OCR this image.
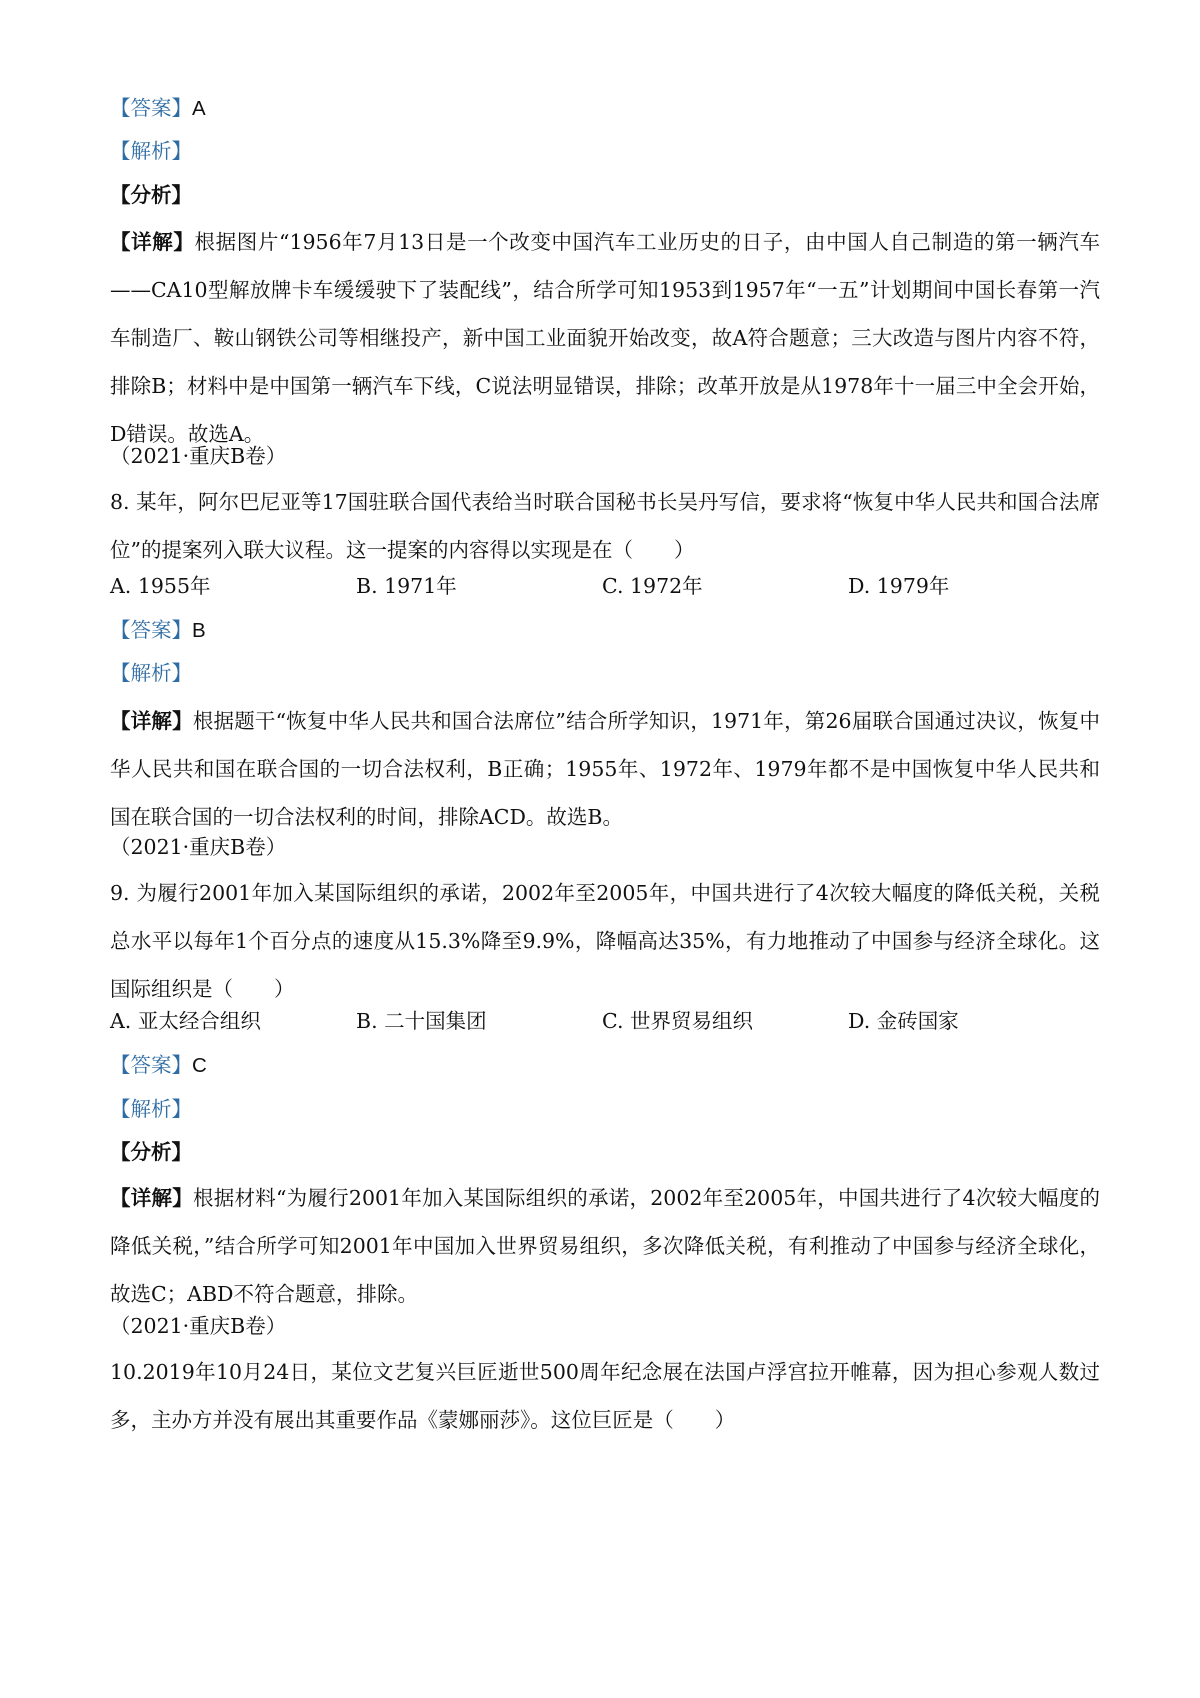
【答案】A
【解析】
【分析】
【详解】根据图片“1956年7月13日是一个改变中国汽车工业历史的日子，由中国人自己制造的第一辆汽车——CA10型解放牌卡车缓缓驶下了装配线”，结合所学可知1953到1957年“一五”计划期间中国长春第一汽车制造厂、鞍山钢铁公司等相继投产，新中国工业面貌开始改变，故A符合题意；三大改造与图片内容不符，排除B；材料中是中国第一辆汽车下线，C说法明显错误，排除；改革开放是从1978年十一届三中全会开始，D错误。故选A。
（2021·重庆B卷）
8. 某年，阿尔巴尼亚等17国驻联合国代表给当时联合国秘书长吴丹写信，要求将“恢复中华人民共和国合法席位”的提案列入联大议程。这一提案的内容得以实现是在（　　）
A. 1955年	B. 1971年	C. 1972年	D. 1979年
【答案】B
【解析】
【详解】根据题干“恢复中华人民共和国合法席位”结合所学知识，1971年，第26届联合国通过决议，恢复中华人民共和国在联合国的一切合法权利，B正确；1955年、1972年、1979年都不是中国恢复中华人民共和国在联合国的一切合法权利的时间，排除ACD。故选B。
（2021·重庆B卷）
9. 为履行2001年加入某国际组织的承诺，2002年至2005年，中国共进行了4次较大幅度的降低关税，关税总水平以每年1个百分点的速度从15.3%降至9.9%，降幅高达35%，有力地推动了中国参与经济全球化。这国际组织是（　　）
A. 亚太经合组织	B. 二十国集团	C. 世界贸易组织	D. 金砖国家
【答案】C
【解析】
【分析】
【详解】根据材料“为履行2001年加入某国际组织的承诺，2002年至2005年，中国共进行了4次较大幅度的降低关税，”结合所学可知2001年中国加入世界贸易组织，多次降低关税，有利推动了中国参与经济全球化，故选C；ABD不符合题意，排除。
（2021·重庆B卷）
10.2019年10月24日，某位文艺复兴巨匠逝世500周年纪念展在法国卢浮宫拉开帷幕，因为担心参观人数过多，主办方并没有展出其重要作品《蒙娜丽莎》。这位巨匠是（　　）
